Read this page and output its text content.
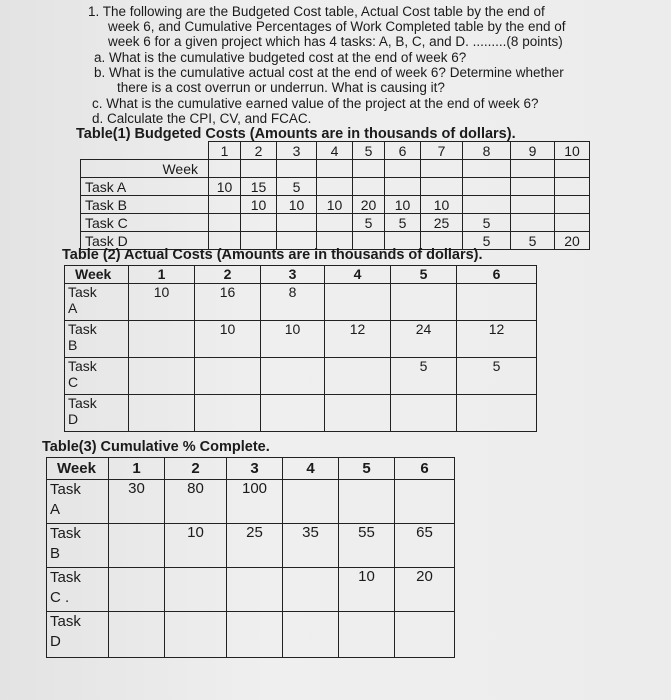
1. The following are the Budgeted Cost table, Actual Cost table by the end of
week 6, and Cumulative Percentages of Work Completed table by the end of
week 6 for a given project which has 4 tasks: A, B, C, and D. .........(8 points)
a. What is the cumulative budgeted cost at the end of week 6?
b. What is the cumulative actual cost at the end of week 6? Determine whether
there is a cost overrun or underrun. What is causing it?
c. What is the cumulative earned value of the project at the end of week 6?
d. Calculate the CPI, CV, and FCAC.
Table(1) Budgeted Costs (Amounts are in thousands of dollars).
	1	2	3	4	5	6	7	8	9	10
Week										
Task A	10	15	5							
Task B		10	10	10	20	10	10			
Task C					5	5	25	5		
Task D								5	5	20
Table (2) Actual Costs (Amounts are in thousands of dollars).
Week	1	2	3	4	5	6

Task
A	10	16	8			

Task
B		10	10	12	24	12

Task
C					5	5

Task
D						

Table(3) Cumulative % Complete.
Week	1	2	3	4	5	6

Task
A	30	80	100			

Task
B		10	25	35	55	65

Task
C .					10	20

Task
D						
